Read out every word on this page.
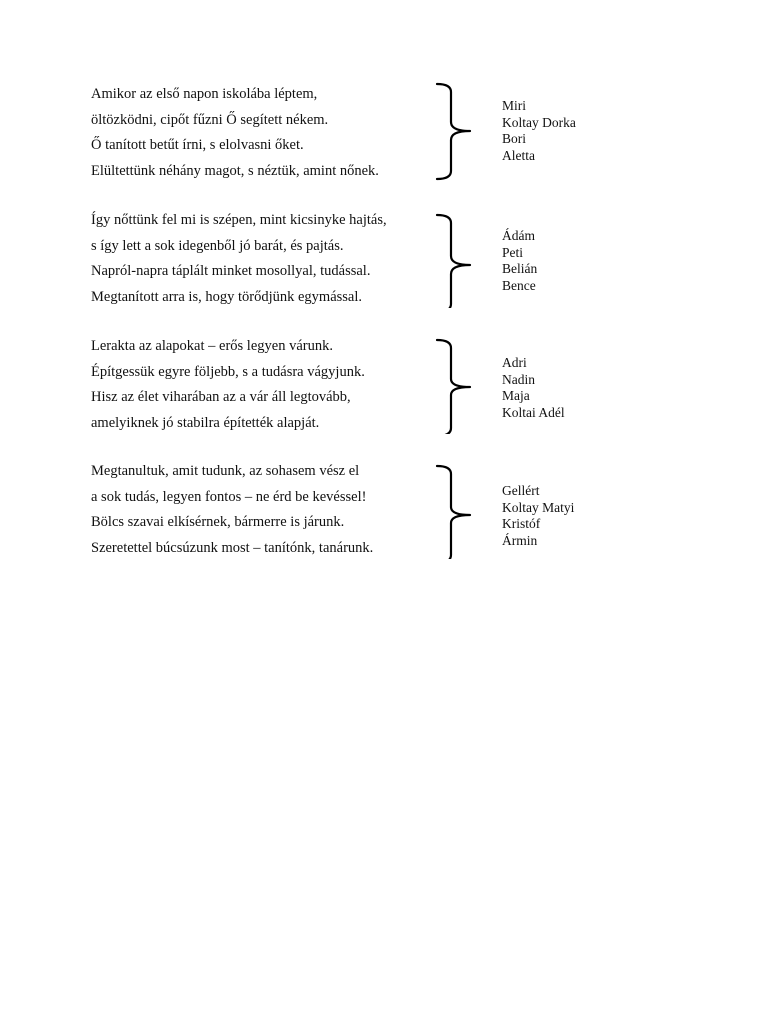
Amikor az első napon iskolába léptem,
öltözködni, cipőt fűzni Ő segített nékem.
Ő tanított betűt írni, s elolvasni őket.
Elültettünk néhány magot, s néztük, amint nőnek.
Miri
Koltay Dorka
Bori
Aletta
Így nőttünk fel mi is szépen, mint kicsinyke hajtás,
s így lett a sok idegenből jó barát, és pajtás.
Napról-napra táplált minket mosollyal, tudással.
Megtanított arra is, hogy törődjünk egymással.
Ádám
Peti
Belián
Bence
Lerakta az alapokat – erős legyen várunk.
Építgessük egyre följebb, s a tudásra vágyjunk.
Hisz az élet viharában az a vár áll legtovább,
amelyiknek jó stabilra építették alapját.
Adri
Nadin
Maja
Koltai Adél
Megtanultuk, amit tudunk, az sohasem vész el
a sok tudás, legyen fontos – ne érd be kevéssel!
Bölcs szavai elkísérnek, bármerre is járunk.
Szeretettel búcsúzunk most – tanítónk, tanárunk.
Gellért
Koltay Matyi
Kristóf
Ármin
